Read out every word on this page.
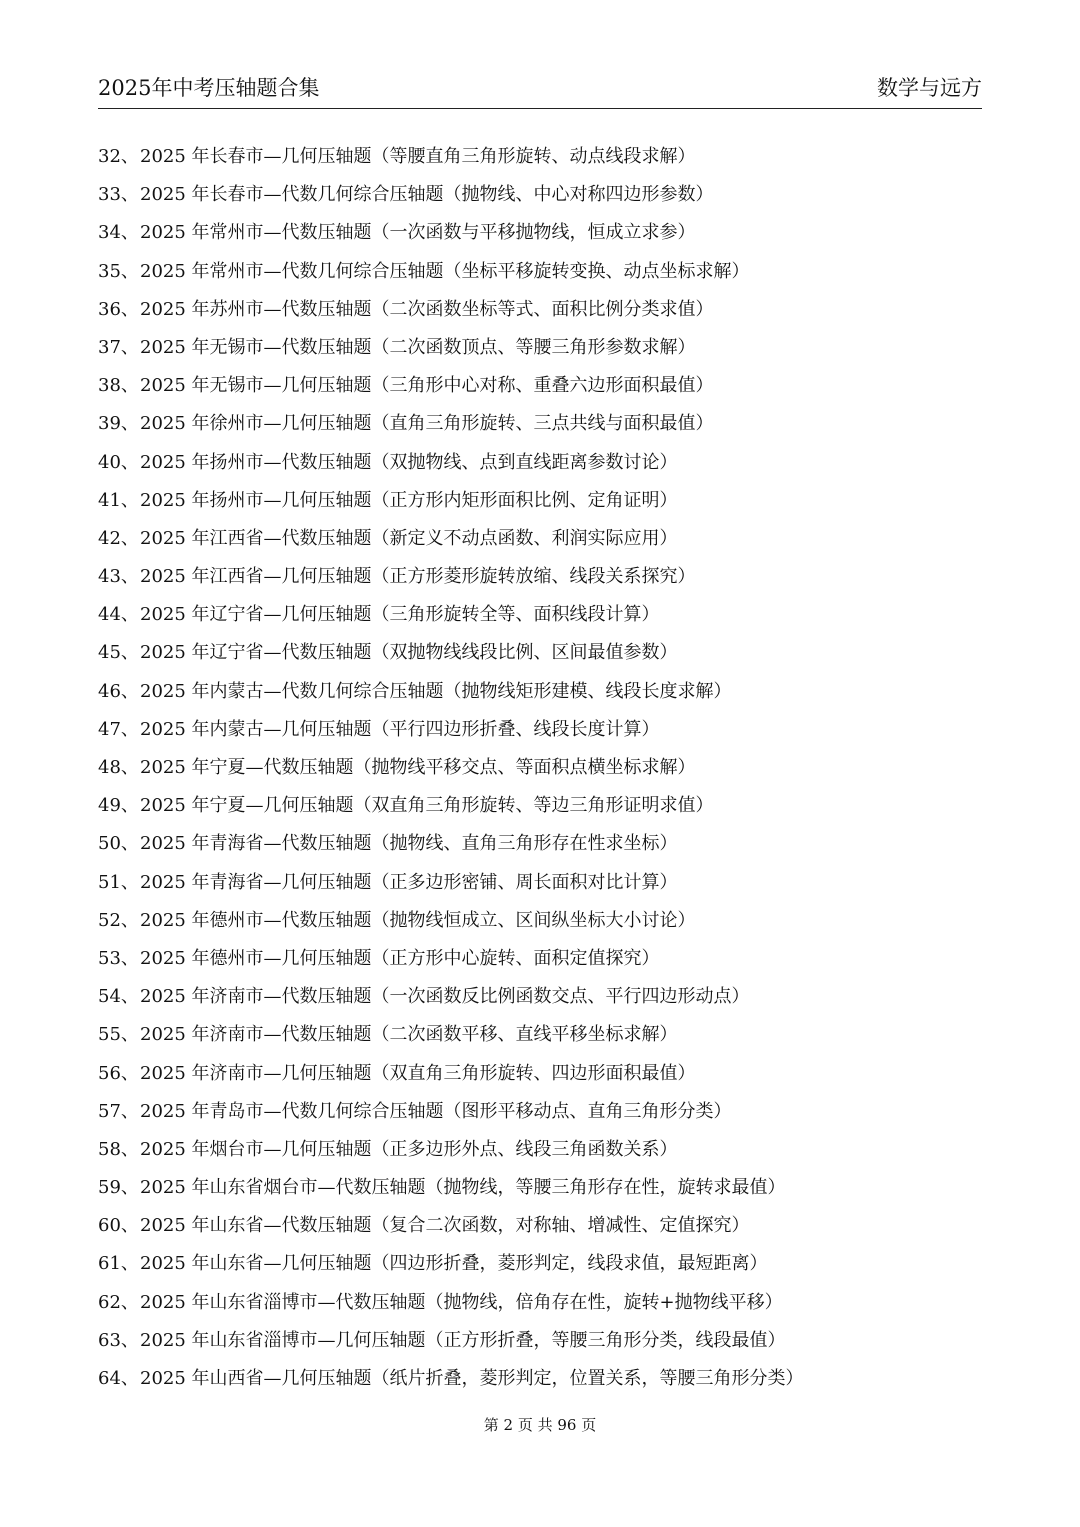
2025年中考压轴题合集	数学与远方
32、2025 年长春市—几何压轴题（等腰直角三角形旋转、动点线段求解）
33、2025 年长春市—代数几何综合压轴题（抛物线、中心对称四边形参数）
34、2025 年常州市—代数压轴题（一次函数与平移抛物线，恒成立求参）
35、2025 年常州市—代数几何综合压轴题（坐标平移旋转变换、动点坐标求解）
36、2025 年苏州市—代数压轴题（二次函数坐标等式、面积比例分类求值）
37、2025 年无锡市—代数压轴题（二次函数顶点、等腰三角形参数求解）
38、2025 年无锡市—几何压轴题（三角形中心对称、重叠六边形面积最值）
39、2025 年徐州市—几何压轴题（直角三角形旋转、三点共线与面积最值）
40、2025 年扬州市—代数压轴题（双抛物线、点到直线距离参数讨论）
41、2025 年扬州市—几何压轴题（正方形内矩形面积比例、定角证明）
42、2025 年江西省—代数压轴题（新定义不动点函数、利润实际应用）
43、2025 年江西省—几何压轴题（正方形菱形旋转放缩、线段关系探究）
44、2025 年辽宁省—几何压轴题（三角形旋转全等、面积线段计算）
45、2025 年辽宁省—代数压轴题（双抛物线线段比例、区间最值参数）
46、2025 年内蒙古—代数几何综合压轴题（抛物线矩形建模、线段长度求解）
47、2025 年内蒙古—几何压轴题（平行四边形折叠、线段长度计算）
48、2025 年宁夏—代数压轴题（抛物线平移交点、等面积点横坐标求解）
49、2025 年宁夏—几何压轴题（双直角三角形旋转、等边三角形证明求值）
50、2025 年青海省—代数压轴题（抛物线、直角三角形存在性求坐标）
51、2025 年青海省—几何压轴题（正多边形密铺、周长面积对比计算）
52、2025 年德州市—代数压轴题（抛物线恒成立、区间纵坐标大小讨论）
53、2025 年德州市—几何压轴题（正方形中心旋转、面积定值探究）
54、2025 年济南市—代数压轴题（一次函数反比例函数交点、平行四边形动点）
55、2025 年济南市—代数压轴题（二次函数平移、直线平移坐标求解）
56、2025 年济南市—几何压轴题（双直角三角形旋转、四边形面积最值）
57、2025 年青岛市—代数几何综合压轴题（图形平移动点、直角三角形分类）
58、2025 年烟台市—几何压轴题（正多边形外点、线段三角函数关系）
59、2025 年山东省烟台市—代数压轴题（抛物线，等腰三角形存在性，旋转求最值）
60、2025 年山东省—代数压轴题（复合二次函数，对称轴、增减性、定值探究）
61、2025 年山东省—几何压轴题（四边形折叠，菱形判定，线段求值，最短距离）
62、2025 年山东省淄博市—代数压轴题（抛物线，倍角存在性，旋转+抛物线平移）
63、2025 年山东省淄博市—几何压轴题（正方形折叠，等腰三角形分类，线段最值）
64、2025 年山西省—几何压轴题（纸片折叠，菱形判定，位置关系，等腰三角形分类）
第 2 页 共 96 页
